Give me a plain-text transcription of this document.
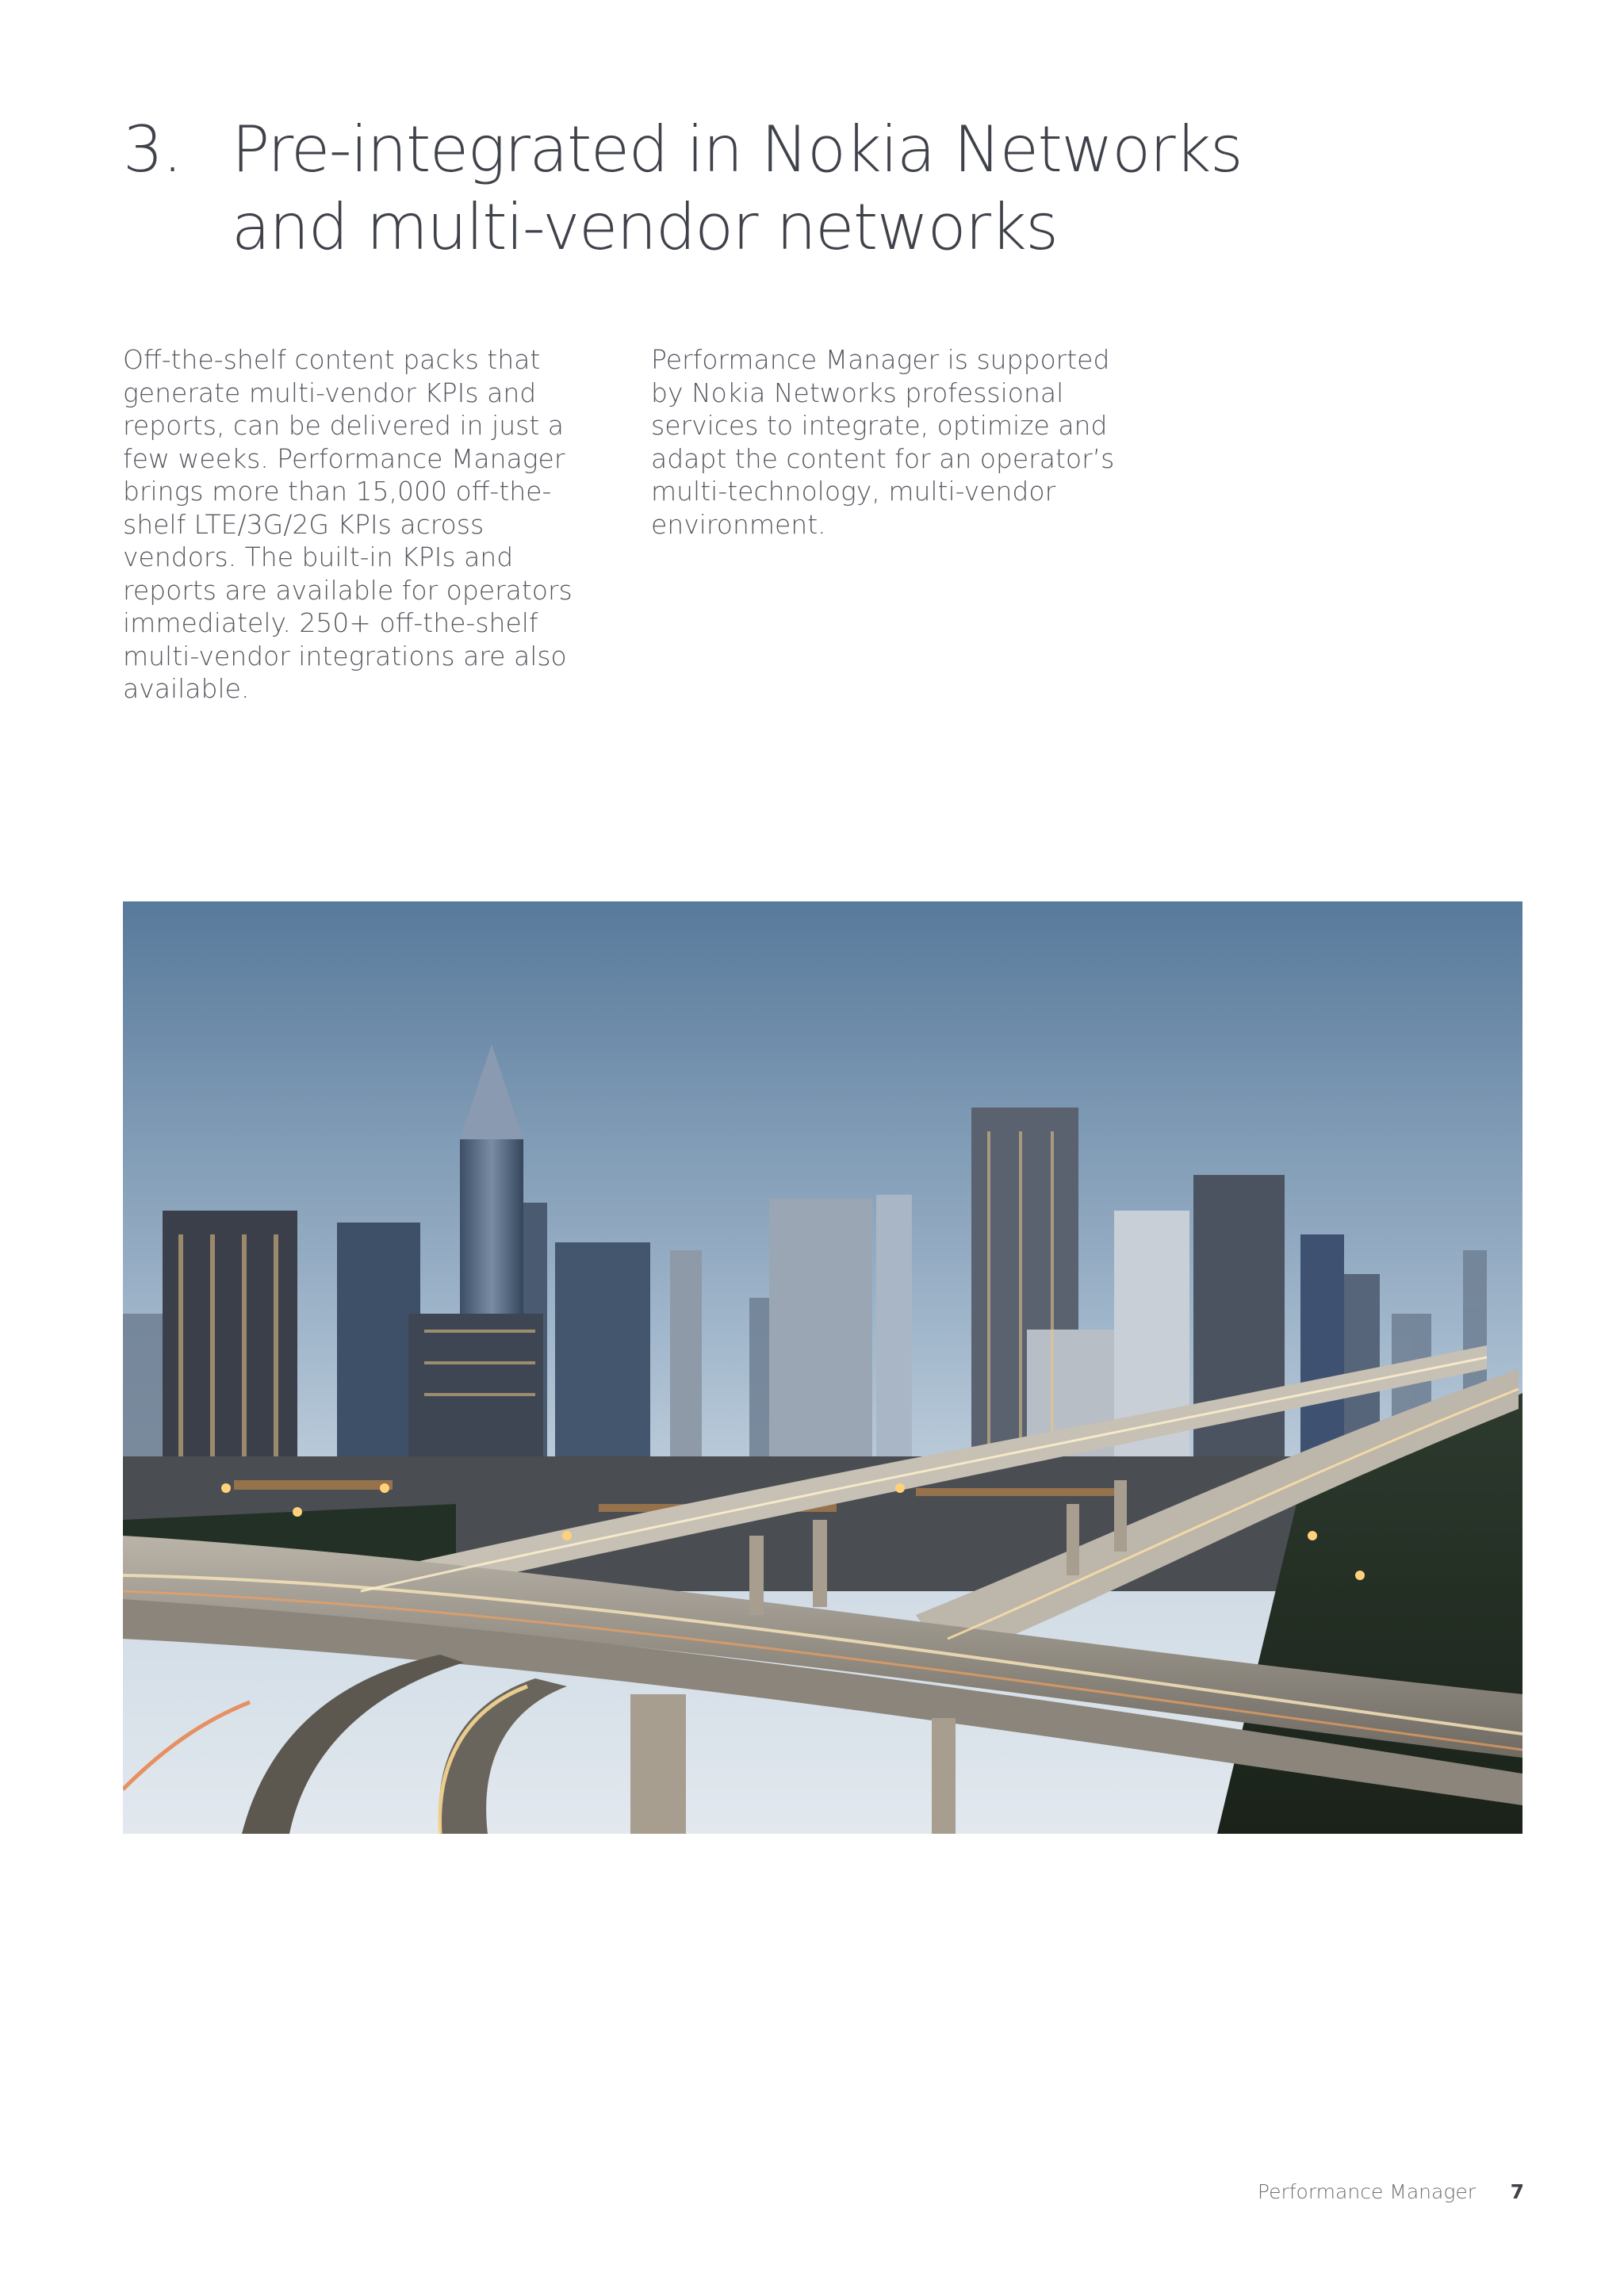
3. Pre-integrated in Nokia Networks
and multi-vendor networks
Off-the-shelf content packs that generate multi-vendor KPIs and reports, can be delivered in just a few weeks. Performance Manager brings more than 15,000 off-the-shelf LTE/3G/2G KPIs across vendors. The built-in KPIs and reports are available for operators immediately. 250+ off-the-shelf multi-vendor integrations are also available.
Performance Manager is supported by Nokia Networks professional services to integrate, optimize and adapt the content for an operator’s multi-technology, multi-vendor environment.
Performance Manager 7
